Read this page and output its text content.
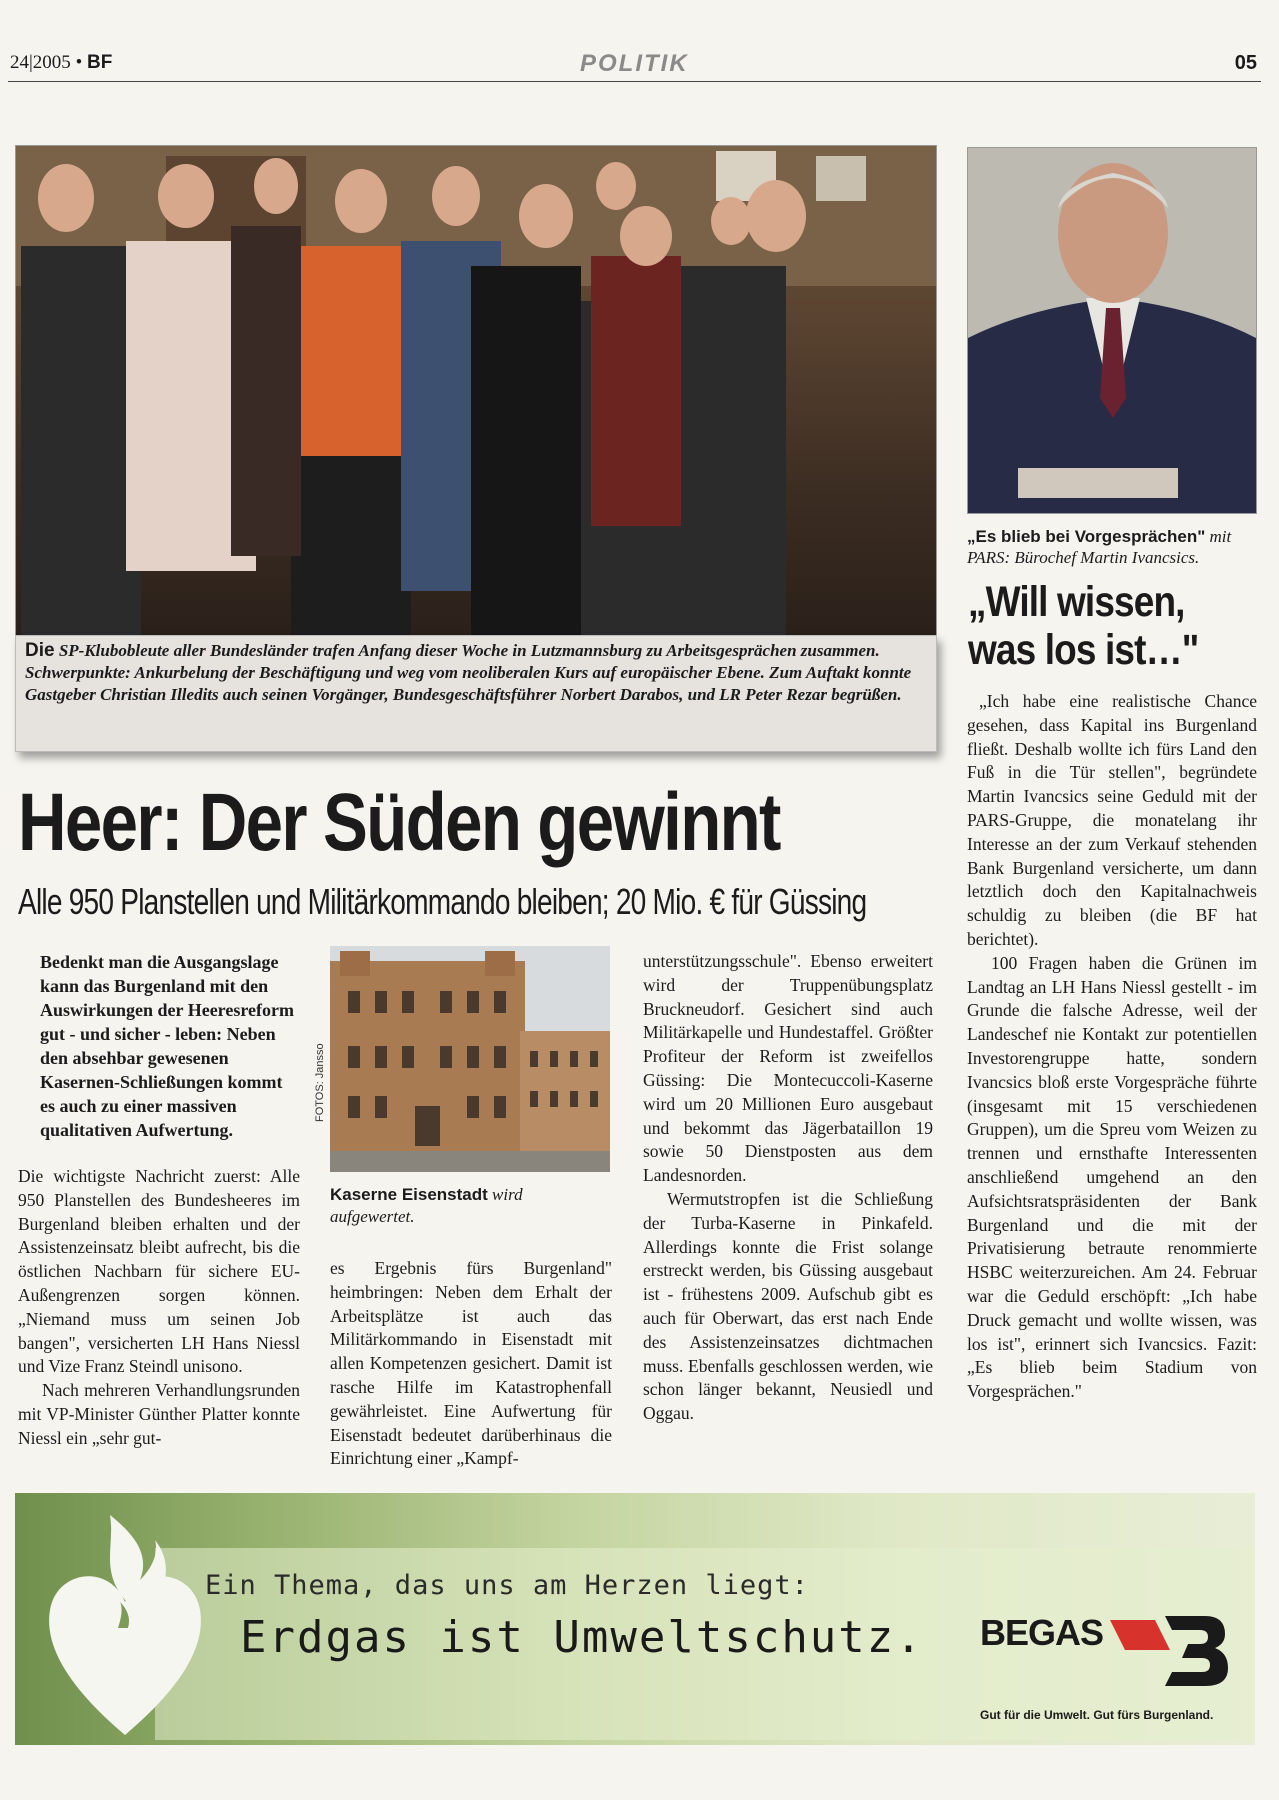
24|2005 • BF	POLITIK	05
Die SP-Klubobleute aller Bundesländer trafen Anfang dieser Woche in Lutzmannsburg zu Arbeitsgesprächen zusammen. Schwerpunkte: Ankurbelung der Beschäftigung und weg vom neoliberalen Kurs auf europäischer Ebene. Zum Auftakt konnte Gastgeber Christian Illedits auch seinen Vorgänger, Bundesgeschäftsführer Norbert Darabos, und LR Peter Rezar begrüßen.
„Es blieb bei Vorgesprächen" mit PARS: Bürochef Martin Ivancsics.
„Will wissen, was los ist…"
Heer: Der Süden gewinnt
Alle 950 Planstellen und Militärkommando bleiben; 20 Mio. € für Güssing
Bedenkt man die Ausgangslage kann das Burgenland mit den Auswirkungen der Heeresreform gut - und sicher - leben: Neben den absehbar gewesenen Kasernen-Schließungen kommt es auch zu einer massiven qualitativen Aufwertung.

Die wichtigste Nachricht zuerst: Alle 950 Planstellen des Bundesheeres im Burgenland bleiben erhalten und der Assistenzeinsatz bleibt aufrecht, bis die östlichen Nachbarn für sichere EU-Außengrenzen sorgen können. „Niemand muss um seinen Job bangen", versicherten LH Hans Niessl und Vize Franz Steindl unisono.

Nach mehreren Verhandlungsrunden mit VP-Minister Günther Platter konnte Niessl ein „sehr gut-

FOTOS: Jansso
Kaserne Eisenstadt wird aufgewertet.

es Ergebnis fürs Burgenland" heimbringen: Neben dem Erhalt der Arbeitsplätze ist auch das Militärkommando in Eisenstadt mit allen Kompetenzen gesichert. Damit ist rasche Hilfe im Katastrophenfall gewährleistet. Eine Aufwertung für Eisenstadt bedeutet darüberhinaus die Einrichtung einer „Kampf-

unterstützungsschule". Ebenso erweitert wird der Truppenübungsplatz Bruckneudorf. Gesichert sind auch Militärkapelle und Hundestaffel. Größter Profiteur der Reform ist zweifellos Güssing: Die Montecuccoli-Kaserne wird um 20 Millionen Euro ausgebaut und bekommt das Jägerbataillon 19 sowie 50 Dienstposten aus dem Landesnorden.

Wermutstropfen ist die Schließung der Turba-Kaserne in Pinkafeld. Allerdings konnte die Frist solange erstreckt werden, bis Güssing ausgebaut ist - frühestens 2009. Aufschub gibt es auch für Oberwart, das erst nach Ende des Assistenzeinsatzes dichtmachen muss. Ebenfalls geschlossen werden, wie schon länger bekannt, Neusiedl und Oggau.

„Ich habe eine realistische Chance gesehen, dass Kapital ins Burgenland fließt. Deshalb wollte ich fürs Land den Fuß in die Tür stellen", begründete Martin Ivancsics seine Geduld mit der PARS-Gruppe, die monatelang ihr Interesse an der zum Verkauf stehenden Bank Burgenland versicherte, um dann letztlich doch den Kapitalnachweis schuldig zu bleiben (die BF hat berichtet).

100 Fragen haben die Grünen im Landtag an LH Hans Niessl gestellt - im Grunde die falsche Adresse, weil der Landeschef nie Kontakt zur potentiellen Investorengruppe hatte, sondern Ivancsics bloß erste Vorgespräche führte (insgesamt mit 15 verschiedenen Gruppen), um die Spreu vom Weizen zu trennen und ernsthafte Interessenten anschließend umgehend an den Aufsichtsratspräsidenten der Bank Burgenland und die mit der Privatisierung betraute renommierte HSBC weiterzureichen. Am 24. Februar war die Geduld erschöpft: „Ich habe Druck gemacht und wollte wissen, was los ist", erinnert sich Ivancsics. Fazit: „Es blieb beim Stadium von Vorgesprächen."

Ein Thema, das uns am Herzen liegt:
Erdgas ist Umweltschutz. BEGAS
Gut für die Umwelt. Gut fürs Burgenland.
